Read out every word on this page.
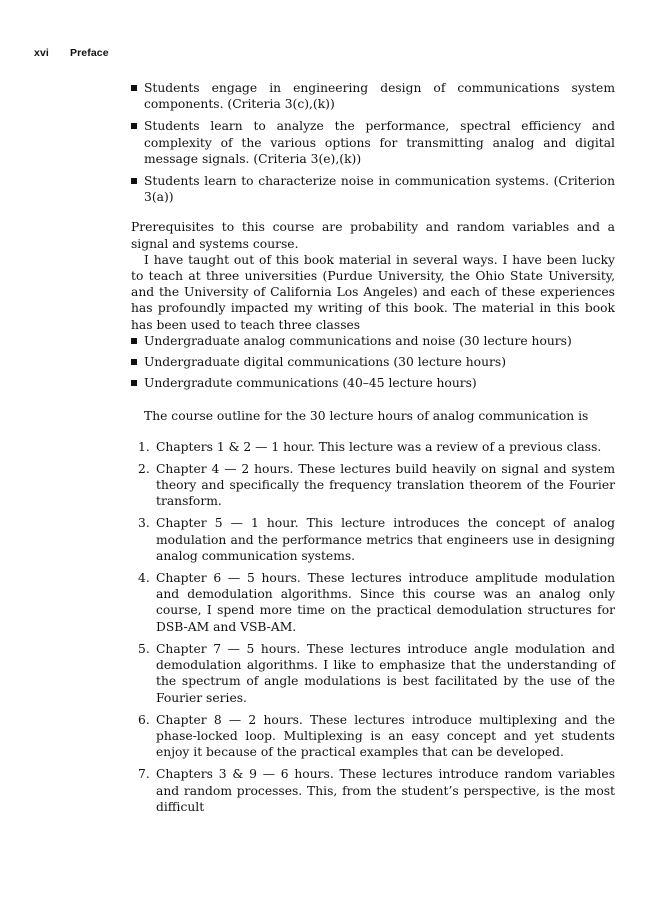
xvi Preface
Students engage in engineering design of communications system components. (Criteria 3(c),(k))
Students learn to analyze the performance, spectral efficiency and complexity of the various options for transmitting analog and digital message signals. (Criteria 3(e),(k))
Students learn to characterize noise in communication systems. (Criterion 3(a))

Prerequisites to this course are probability and random variables and a signal and systems course.

I have taught out of this book material in several ways. I have been lucky to teach at three universities (Purdue University, the Ohio State University, and the University of California Los Angeles) and each of these experiences has profoundly impacted my writing of this book. The material in this book has been used to teach three classes

Undergraduate analog communications and noise (30 lecture hours)
Undergraduate digital communications (30 lecture hours)
Undergradute communications (40–45 lecture hours)

The course outline for the 30 lecture hours of analog communication is

1. Chapters 1 & 2 — 1 hour. This lecture was a review of a previous class.
2. Chapter 4 — 2 hours. These lectures build heavily on signal and system theory and specifically the frequency translation theorem of the Fourier transform.
3. Chapter 5 — 1 hour. This lecture introduces the concept of analog modulation and the performance metrics that engineers use in designing analog communication systems.
4. Chapter 6 — 5 hours. These lectures introduce amplitude modulation and demodulation algorithms. Since this course was an analog only course, I spend more time on the practical demodulation structures for DSB-AM and VSB-AM.
5. Chapter 7 — 5 hours. These lectures introduce angle modulation and demodulation algorithms. I like to emphasize that the understanding of the spectrum of angle modulations is best facilitated by the use of the Fourier series.
6. Chapter 8 — 2 hours. These lectures introduce multiplexing and the phase-locked loop. Multiplexing is an easy concept and yet students enjoy it because of the practical examples that can be developed.
7. Chapters 3 & 9 — 6 hours. These lectures introduce random variables and random processes. This, from the student’s perspective, is the most difficult
